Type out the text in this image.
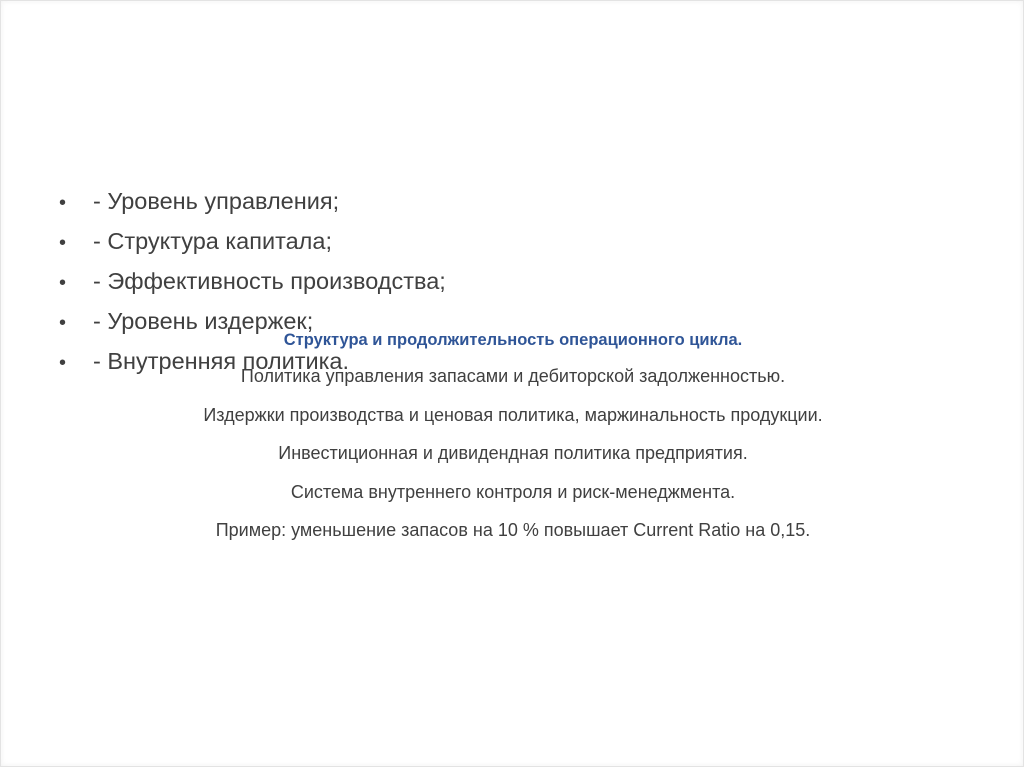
• - Уровень управления;
• - Структура капитала;
• - Эффективность производства;
• - Уровень издержек;
• - Внутренняя политика.
Структура и продолжительность операционного цикла.
Политика управления запасами и дебиторской задолженностью.
Издержки производства и ценовая политика, маржинальность продукции.
Инвестиционная и дивидендная политика предприятия.
Система внутреннего контроля и риск-менеджмента.
Пример: уменьшение запасов на 10 % повышает Current Ratio на 0,15.
